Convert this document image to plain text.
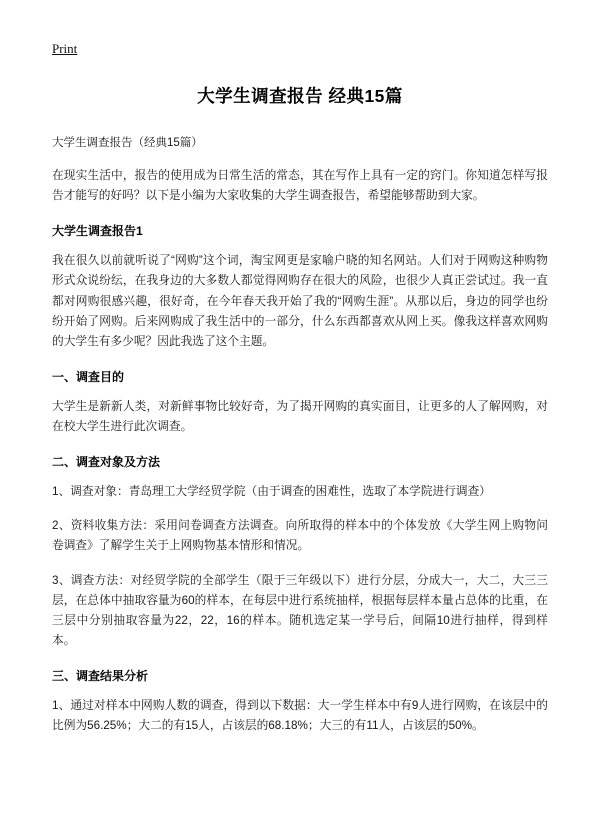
Print
大学生调查报告 经典15篇

大学生调查报告（经典15篇）

在现实生活中，报告的使用成为日常生活的常态，其在写作上具有一定的窍门。你知道怎样写报告才能写的好吗？以下是小编为大家收集的大学生调查报告，希望能够帮助到大家。

大学生调查报告1

我在很久以前就听说了“网购”这个词，淘宝网更是家喻户晓的知名网站。人们对于网购这种购物形式众说纷纭，在我身边的大多数人都觉得网购存在很大的风险，也很少人真正尝试过。我一直都对网购很感兴趣，很好奇，在今年春天我开始了我的“网购生涯”。从那以后，身边的同学也纷纷开始了网购。后来网购成了我生活中的一部分，什么东西都喜欢从网上买。像我这样喜欢网购的大学生有多少呢？因此我选了这个主题。

一、调查目的

大学生是新新人类，对新鲜事物比较好奇，为了揭开网购的真实面目，让更多的人了解网购，对在校大学生进行此次调查。

二、调查对象及方法

1、调查对象：青岛理工大学经贸学院（由于调查的困难性，选取了本学院进行调查）

2、资料收集方法：采用问卷调查方法调查。向所取得的样本中的个体发放《大学生网上购物问卷调查》了解学生关于上网购物基本情形和情况。

3、调查方法：对经贸学院的全部学生（限于三年级以下）进行分层，分成大一，大二，大三三层，在总体中抽取容量为60的样本，在每层中进行系统抽样，根据每层样本量占总体的比重，在三层中分别抽取容量为22，22，16的样本。随机选定某一学号后，间隔10进行抽样，得到样本。

三、调查结果分析

1、通过对样本中网购人数的调查，得到以下数据：大一学生样本中有9人进行网购，在该层中的比例为56.25%；大二的有15人，占该层的68.18%；大三的有11人，占该层的50%。
